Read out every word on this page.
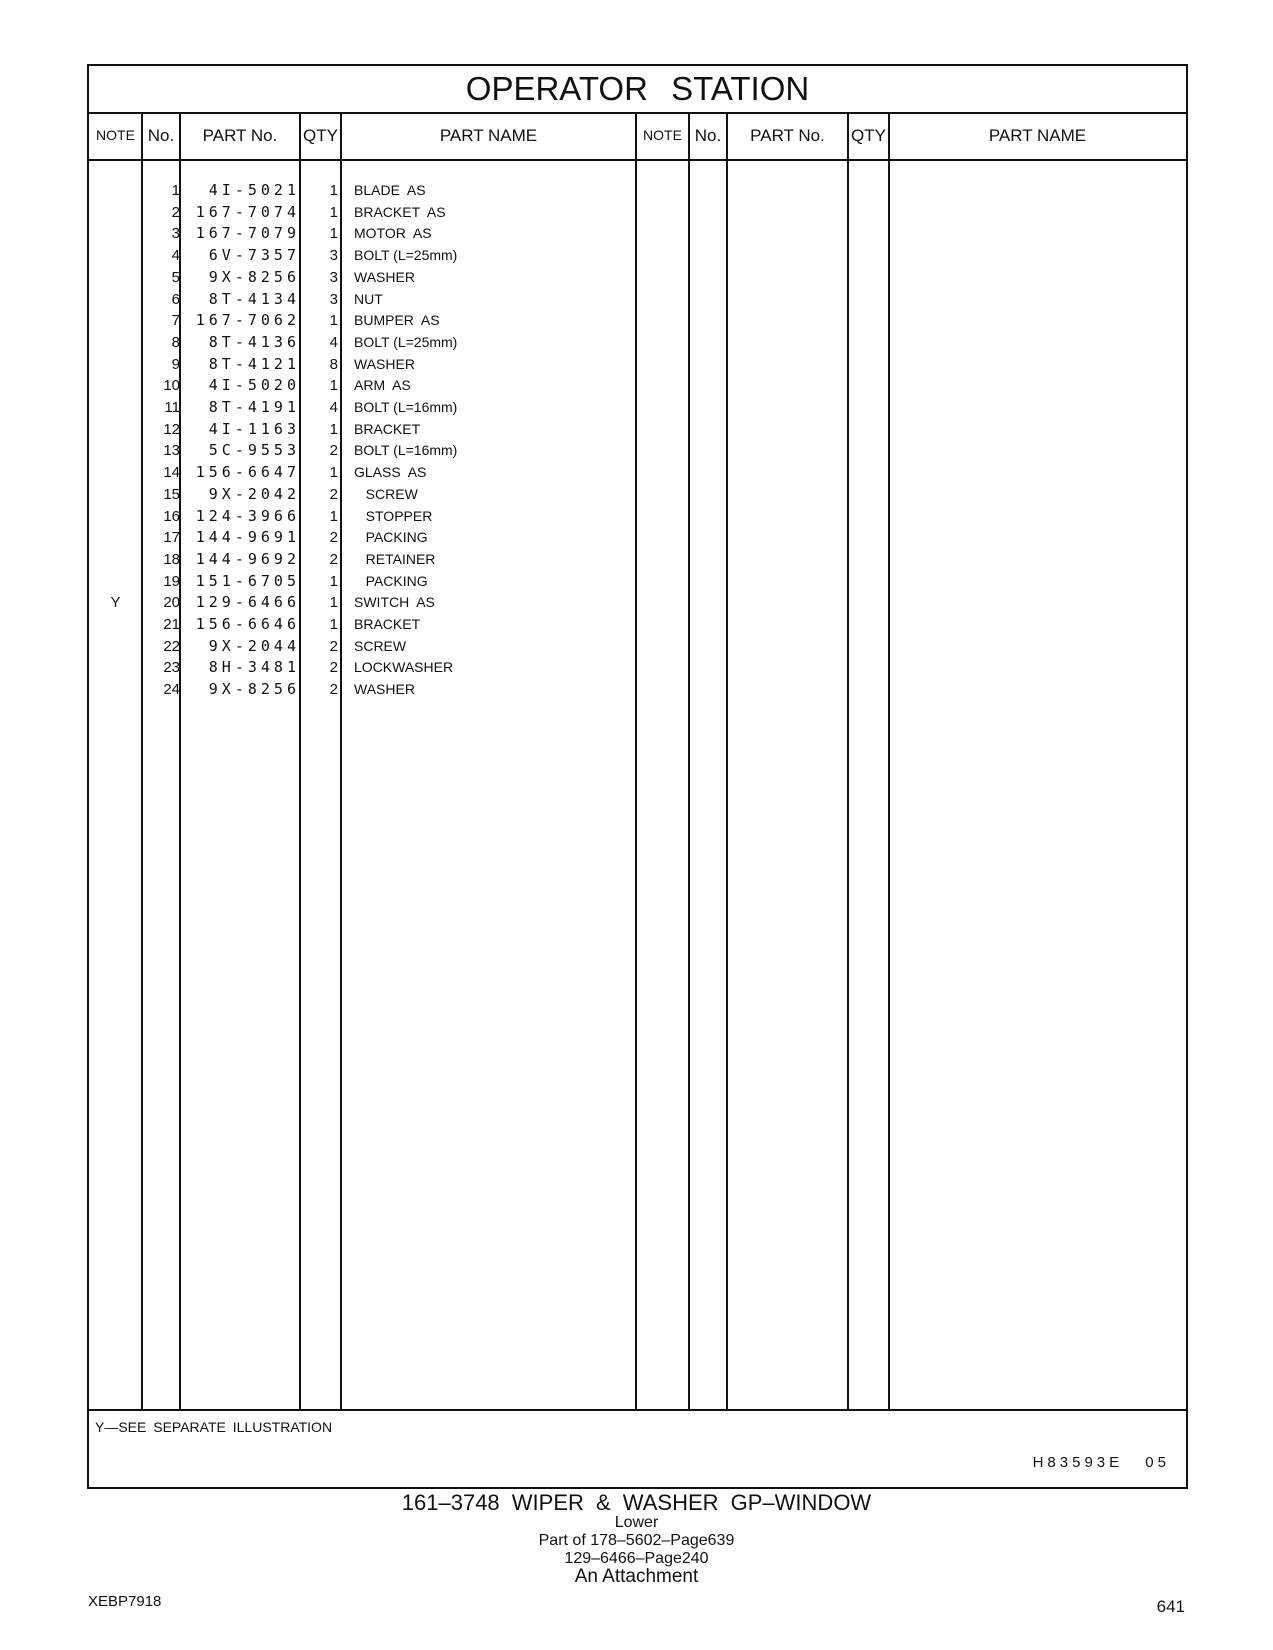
OPERATOR STATION
NOTE No.	PART No.	QTY	PART NAME	NOTE No.	PART No.	QTY	PART NAME
1	4I-5021	1 BLADE  AS
2	167-7074	1 BRACKET  AS
3	167-7079	1 MOTOR  AS
4	6V-7357	3 BOLT (L=25mm)
5	9X-8256	3 WASHER
6	8T-4134	3 NUT
7	167-7062	1 BUMPER  AS
8	8T-4136	4 BOLT (L=25mm)
9	8T-4121	8 WASHER
10	4I-5020	1 ARM  AS
11	8T-4191	4 BOLT (L=16mm)
12	4I-1163	1 BRACKET
13	5C-9553	2 BOLT (L=16mm)
14	156-6647	1 GLASS  AS
15	9X-2042	2 SCREW
16	124-3966	1 STOPPER
17	144-9691	2 PACKING
18	144-9692	2 RETAINER
19	151-6705	1 PACKING
Y	20	129-6466	1 SWITCH  AS
21	156-6646	1 BRACKET
22	9X-2044	2 SCREW
23	8H-3481	2 LOCKWASHER
24	9X-8256	2 WASHER
Y—SEE SEPARATE ILLUSTRATION
H83593E 05
161–3748 WIPER & WASHER GP–WINDOW
Lower
Part of 178–5602–Page639
129–6466–Page240
An Attachment
XEBP7918	641
